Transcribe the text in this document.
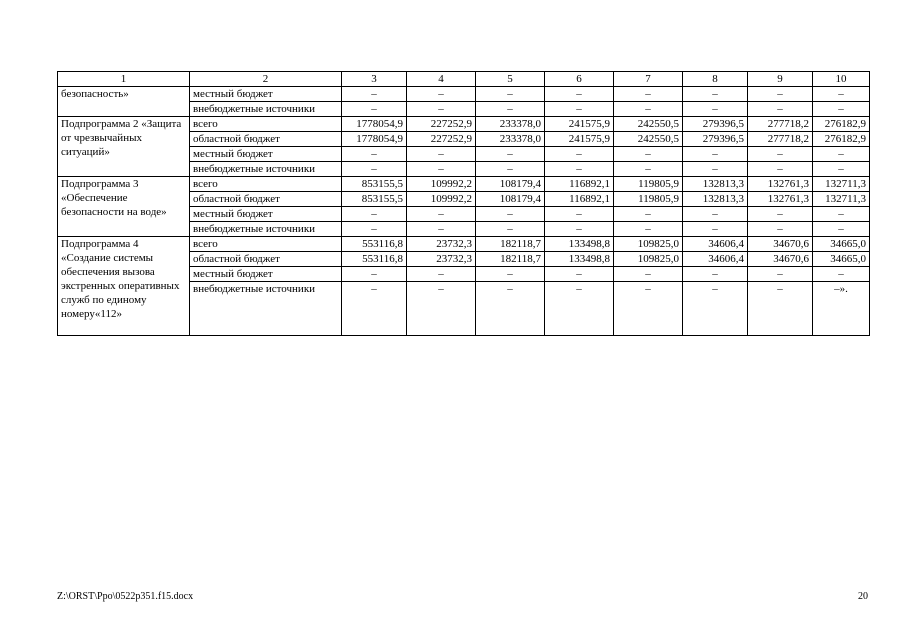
1	2	3	4	5	6	7	8	9	10
безопасность»	местный бюджет	–	–	–	–	–	–	–	–
	внебюджетные источники	–	–	–	–	–	–	–	–
Подпрограмма 2 «Защита от чрезвычайных ситуаций»	всего	1778054,9	227252,9	233378,0	241575,9	242550,5	279396,5	277718,2	276182,9
	областной бюджет	1778054,9	227252,9	233378,0	241575,9	242550,5	279396,5	277718,2	276182,9
	местный бюджет	–	–	–	–	–	–	–	–
	внебюджетные источники	–	–	–	–	–	–	–	–
Подпрограмма 3 «Обеспечение безопасности на воде»	всего	853155,5	109992,2	108179,4	116892,1	119805,9	132813,3	132761,3	132711,3
	областной бюджет	853155,5	109992,2	108179,4	116892,1	119805,9	132813,3	132761,3	132711,3
	местный бюджет	–	–	–	–	–	–	–	–
	внебюджетные источники	–	–	–	–	–	–	–	–
Подпрограмма 4 «Создание системы обеспечения вызова экстренных оперативных служб по единому номеру«112»	всего	553116,8	23732,3	182118,7	133498,8	109825,0	34606,4	34670,6	34665,0
	областной бюджет	553116,8	23732,3	182118,7	133498,8	109825,0	34606,4	34670,6	34665,0
	местный бюджет	–	–	–	–	–	–	–	–
	внебюджетные источники	–	–	–	–	–	–	–	–».
Z:\ORST\Ppo\0522p351.f15.docx	20
